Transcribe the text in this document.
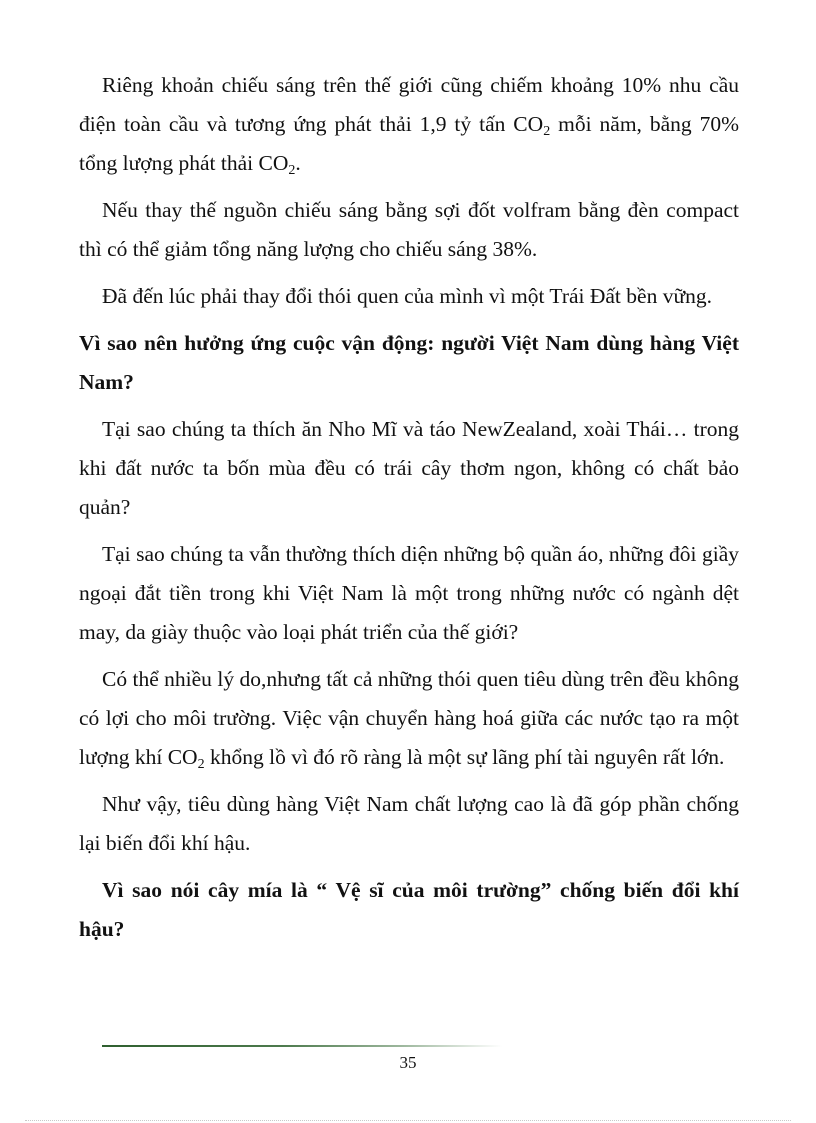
Riêng khoản chiếu sáng trên thế giới cũng chiếm khoảng 10% nhu cầu điện toàn cầu và tương ứng phát thải 1,9 tỷ tấn $CO_2$ mỗi năm, bằng 70% tổng lượng phát thải $CO_2$.

Nếu thay thế nguồn chiếu sáng bằng sợi đốt volfram bằng đèn compact thì có thể giảm tổng năng lượng cho chiếu sáng 38%.

Đã đến lúc phải thay đổi thói quen của mình vì một Trái Đất bền vững.

Vì sao nên hưởng ứng cuộc vận động: người Việt Nam dùng hàng Việt Nam?

Tại sao chúng ta thích ăn Nho Mĩ và táo NewZealand, xoài Thái… trong khi đất nước ta bốn mùa đều có trái cây thơm ngon, không có chất bảo quản?

Tại sao chúng ta vẫn thường thích diện những bộ quần áo, những đôi giầy ngoại đắt tiền trong khi Việt Nam là một trong những nước có ngành dệt may, da giày thuộc vào loại phát triển của thế giới?

Có thể nhiều lý do,nhưng tất cả những thói quen tiêu dùng trên đều không có lợi cho môi trường. Việc vận chuyển hàng hoá giữa các nước tạo ra một lượng khí $CO_2$ khổng lồ vì đó rõ ràng là một sự lãng phí tài nguyên rất lớn.

Như vậy, tiêu dùng hàng Việt Nam chất lượng cao là đã góp phần chống lại biến đổi khí hậu.

Vì sao nói cây mía là “ Vệ sĩ của môi trường” chống biến đổi khí hậu?

35
